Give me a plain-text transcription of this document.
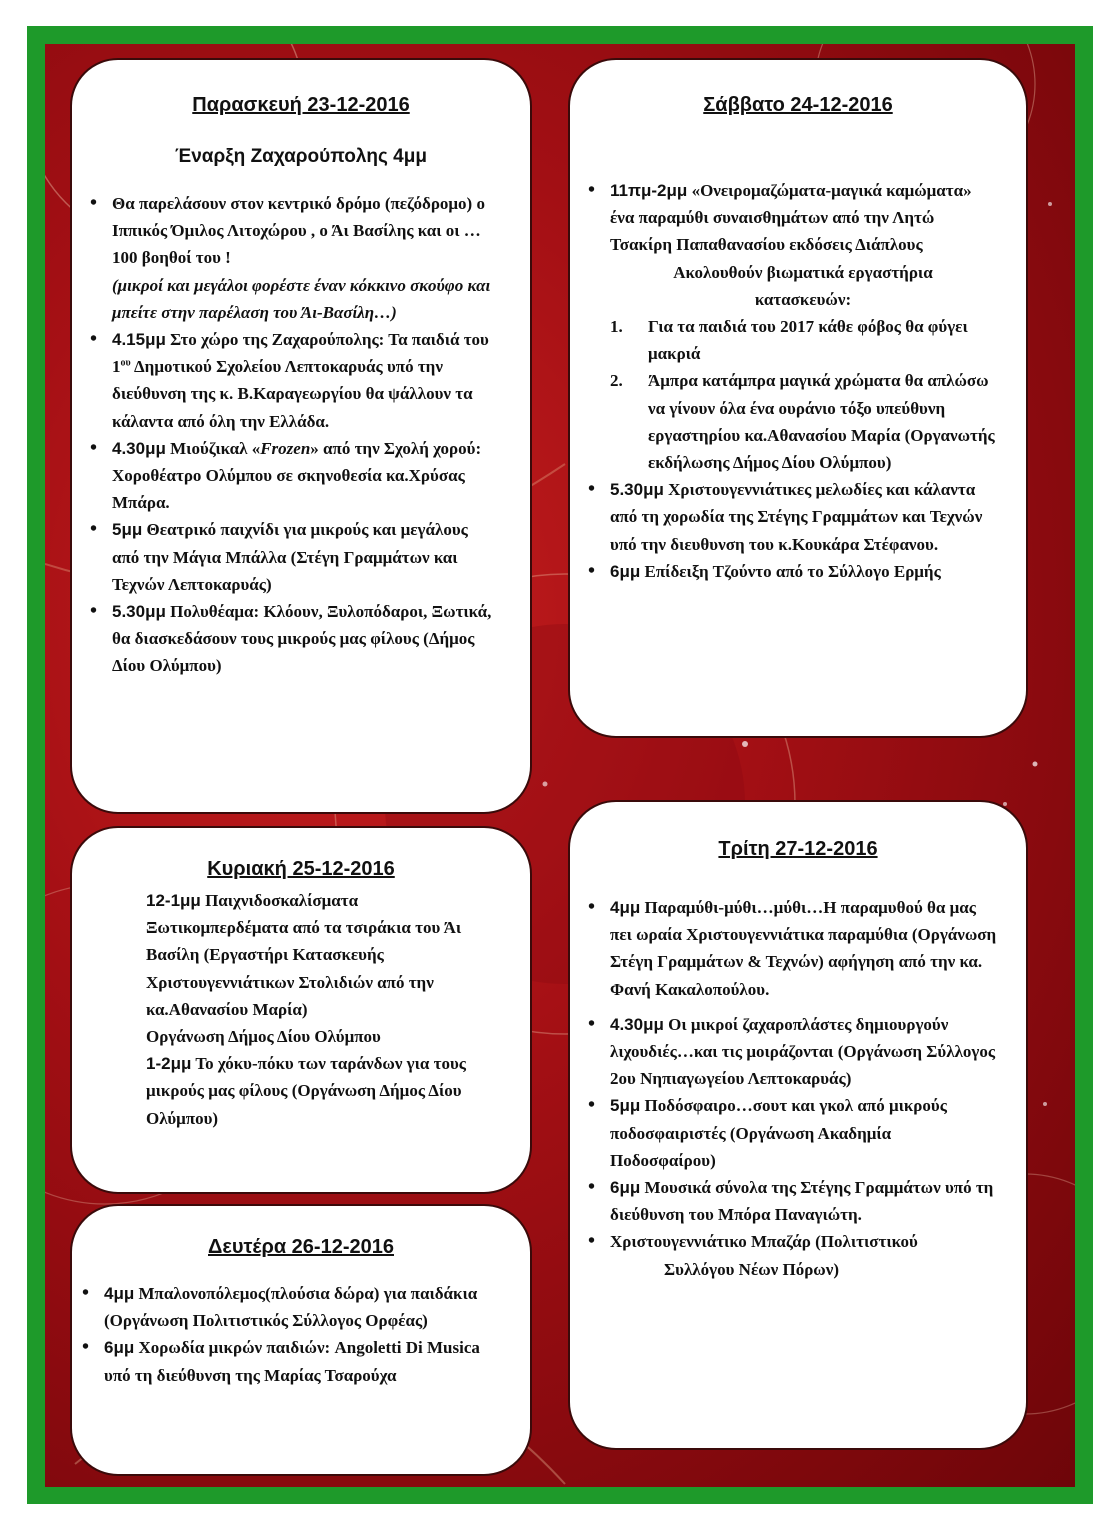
Παρασκευή 23-12-2016
Έναρξη Ζαχαρούπολης 4μμ
• Θα παρελάσουν στον κεντρικό δρόμο (πεζόδρομο) ο Ιππικός Όμιλος Λιτοχώρου , ο Άι Βασίλης και οι … 100 βοηθοί του !
(μικροί και μεγάλοι φορέστε έναν κόκκινο σκούφο και μπείτε στην παρέλαση του Άι-Βασίλη…)
• 4.15μμ Στο χώρο της Ζαχαρούπολης: Τα παιδιά του $1^{o\upsilon}$ Δημοτικού Σχολείου Λεπτοκαρυάς υπό την διεύθυνση της κ. Β.Καραγεωργίου θα ψάλλουν τα κάλαντα από όλη την Ελλάδα.
• 4.30μμ Μιούζικαλ «Frozen» από την Σχολή χορού: Χοροθέατρο Ολύμπου σε σκηνοθεσία κα.Χρύσας Μπάρα.
• 5μμ Θεατρικό παιχνίδι για μικρούς και μεγάλους από την Μάγια Μπάλλα (Στέγη Γραμμάτων και Τεχνών Λεπτοκαρυάς)
• 5.30μμ Πολυθέαμα: Κλόουν, Ξυλοπόδαροι, Ξωτικά, θα διασκεδάσουν τους μικρούς μας φίλους (Δήμος Δίου Ολύμπου)
Σάββατο 24-12-2016
• 11πμ-2μμ «Ονειρομαζώματα-μαγικά καμώματα» ένα παραμύθι συναισθημάτων από την Λητώ Τσακίρη Παπαθανασίου εκδόσεις Διάπλους
Ακολουθούν βιωματικά εργαστήρια κατασκευών:
1. Για τα παιδιά του 2017 κάθε φόβος θα φύγει μακριά
2. Άμπρα κατάμπρα μαγικά χρώματα θα απλώσω να γίνουν όλα ένα ουράνιο τόξο υπεύθυνη εργαστηρίου κα.Αθανασίου Μαρία (Οργανωτής εκδήλωσης Δήμος Δίου Ολύμπου)
• 5.30μμ Χριστουγεννιάτικες μελωδίες και κάλαντα από τη χορωδία της Στέγης Γραμμάτων και Τεχνών υπό την διευθυνση του κ.Κουκάρα Στέφανου.
• 6μμ Επίδειξη Τζούντο από το Σύλλογο Ερμής
Κυριακή 25-12-2016
12-1μμ Παιχνιδοσκαλίσματα Ξωτικομπερδέματα από τα τσιράκια του Άι Βασίλη (Εργαστήρι Κατασκευής Χριστουγεννιάτικων Στολιδιών από την κα.Αθανασίου Μαρία)
Οργάνωση Δήμος Δίου Ολύμπου
1-2μμ Το χόκυ-πόκυ των ταράνδων για τους μικρούς μας φίλους (Οργάνωση Δήμος Δίου Ολύμπου)
Δευτέρα 26-12-2016
• 4μμ Μπαλονοπόλεμος(πλούσια δώρα) για παιδάκια (Οργάνωση Πολιτιστικός Σύλλογος Ορφέας)
• 6μμ Χορωδία μικρών παιδιών: Angoletti Di Musica υπό τη διεύθυνση της Μαρίας Τσαρούχα
Τρίτη 27-12-2016
• 4μμ Παραμύθι-μύθι…μύθι…Η παραμυθού θα μας πει ωραία Χριστουγεννιάτικα παραμύθια (Οργάνωση Στέγη Γραμμάτων & Τεχνών) αφήγηση από την κα. Φανή Κακαλοπούλου.
• 4.30μμ Οι μικροί ζαχαροπλάστες δημιουργούν λιχουδιές…και τις μοιράζονται (Οργάνωση Σύλλογος 2ου Νηπιαγωγείου Λεπτοκαρυάς)
• 5μμ Ποδόσφαιρο…σουτ και γκολ από μικρούς ποδοσφαιριστές (Οργάνωση Ακαδημία Ποδοσφαίρου)
• 6μμ Μουσικά σύνολα της Στέγης Γραμμάτων υπό τη διεύθυνση του Μπόρα Παναγιώτη.
• Χριστουγεννιάτικο Μπαζάρ (Πολιτιστικού
Συλλόγου Νέων Πόρων)
